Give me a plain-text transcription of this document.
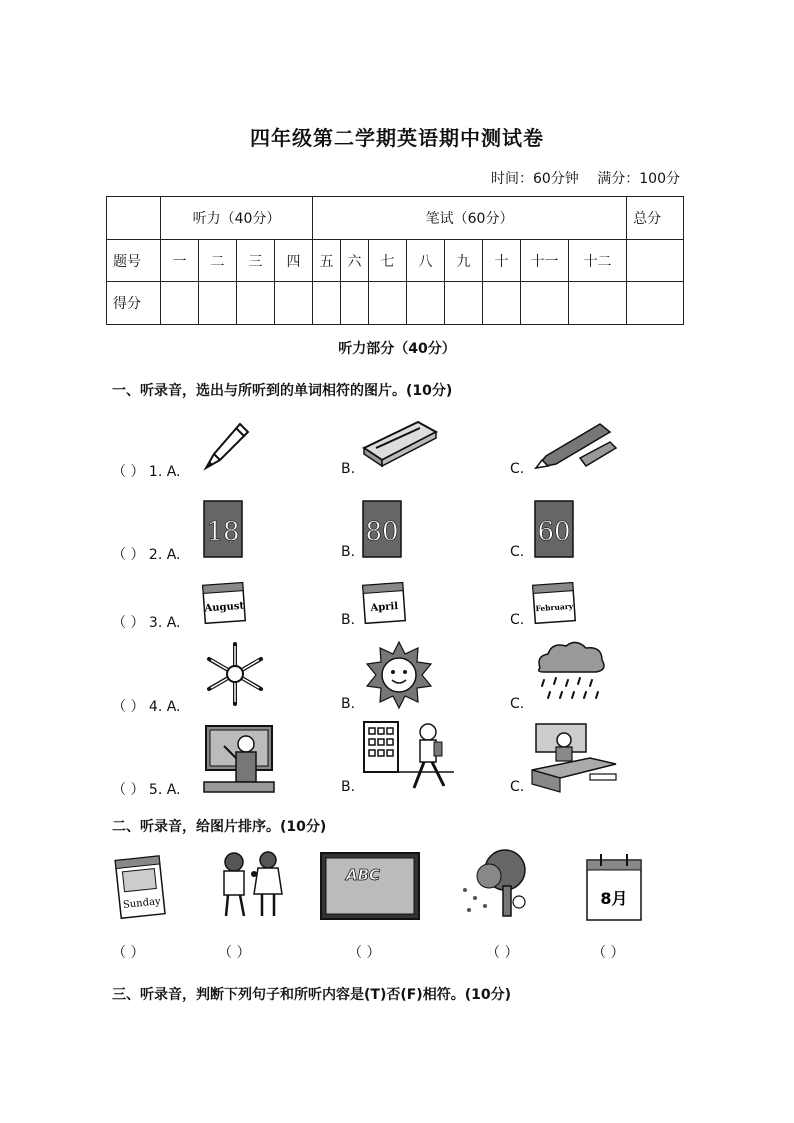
四年级第二学期英语期中测试卷
时间：60分钟 满分：100分
	听力（40分）				笔试（60分）								总分
题号	一	二	三	四	五	六	七	八	九	十	十一	十二	
得分													
听力部分（40分）
一、听录音，选出与所听到的单词相符的图片。(10分)
（ ） 1. A.	B.	C.
（ ） 2. A.
18
B.
80
C.
60
（ ） 3. A.
August
B.
April
C.
February
（ ） 4. A.	B.	C.
（ ） 5. A.	B.	C.
二、听录音，给图片排序。(10分)
Sunday
ABC
8月
（ ）	（ ）	（ ）	（ ）	（ ）
三、听录音，判断下列句子和所听内容是(T)否(F)相符。(10分)
